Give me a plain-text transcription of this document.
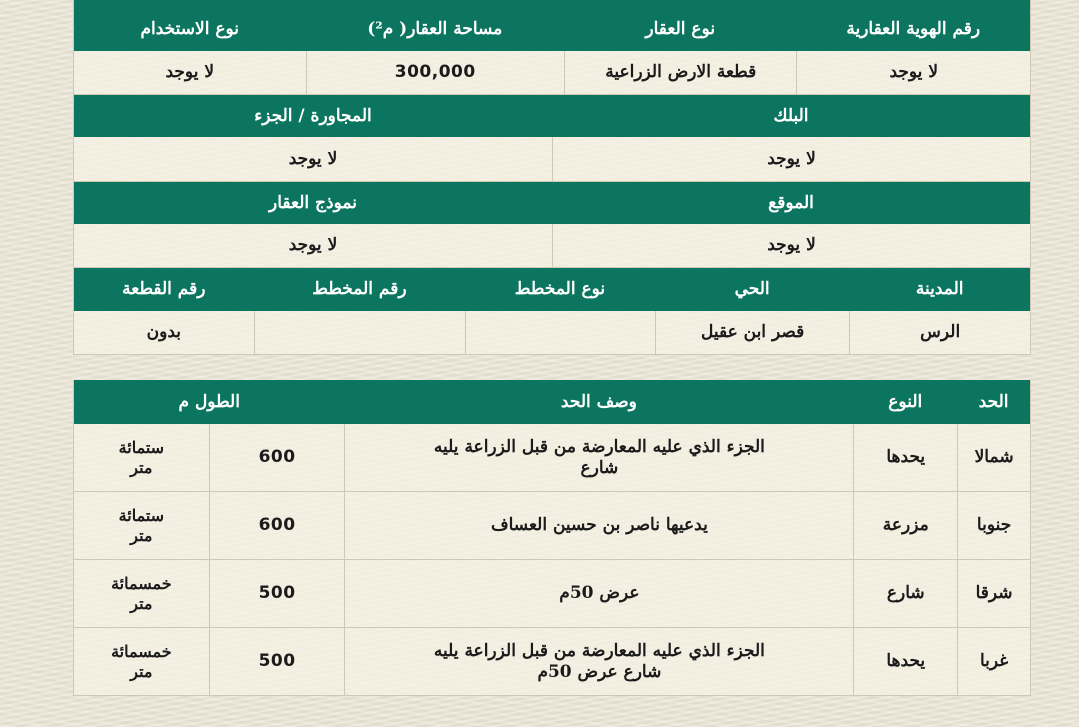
رقم الهوية العقارية
نوع العقار
مساحة العقار( م²)
نوع الاستخدام
لا يوجد
قطعة الارض الزراعية
300,000
لا يوجد
البلك
المجاورة / الجزء
لا يوجد
لا يوجد
الموقع
نموذج العقار
لا يوجد
لا يوجد
المدينة
الحي
نوع المخطط
رقم المخطط
رقم القطعة
الرس
قصر ابن عقيل
بدون
الحد
النوع
وصف الحد
الطول م
شمالا
يحدها
الجزء الذي عليه المعارضة من قبل الزراعة يليه
شارع
600
ستمائة
متر
جنوبا
مزرعة
يدعيها ناصر بن حسين العساف
600
ستمائة
متر
شرقا
شارع
عرض 50م
500
خمسمائة
متر
غربا
يحدها
الجزء الذي عليه المعارضة من قبل الزراعة يليه
شارع عرض 50م
500
خمسمائة
متر
